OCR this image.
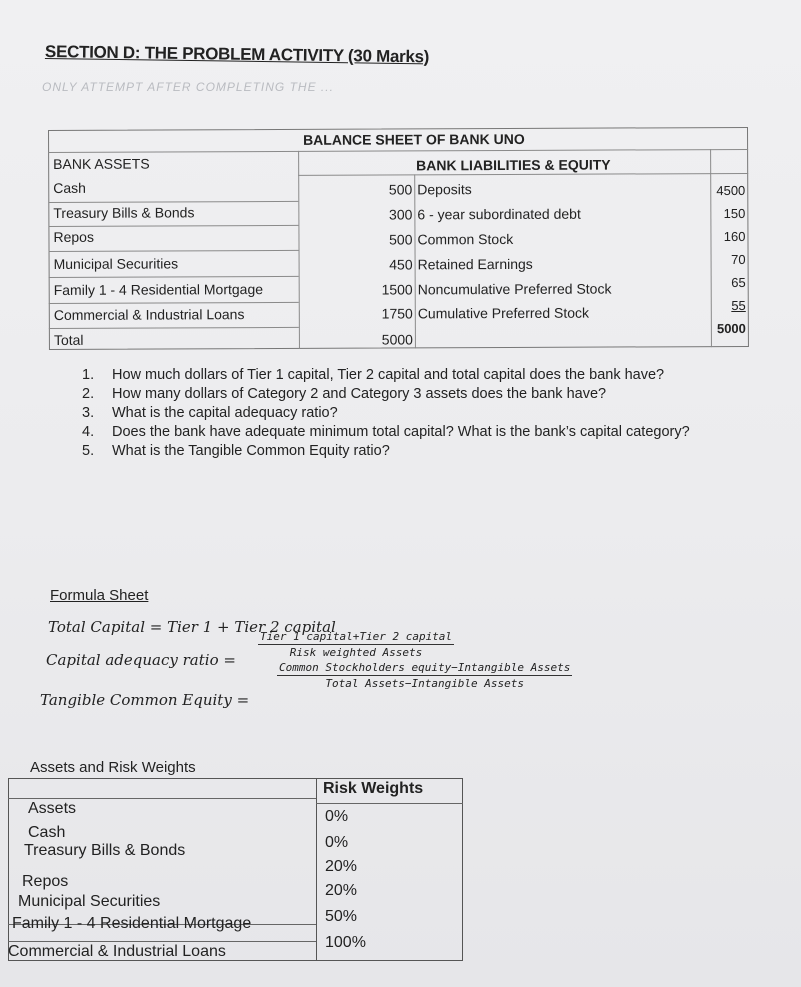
SECTION D: THE PROBLEM ACTIVITY (30 Marks)
ONLY ATTEMPT AFTER COMPLETING THE ...
BALANCE SHEET OF BANK UNO
BANK ASSETS	BANK LIABILITIES & EQUITY
Cash
Treasury Bills & Bonds
Repos
Municipal Securities
Family 1 - 4 Residential Mortgage
Commercial & Industrial Loans
Total
500
300
500
450
1500
1750
5000
Deposits
6 - year subordinated debt
Common Stock
Retained Earnings
Noncumulative Preferred Stock
Cumulative Preferred Stock
4500
150
160
70
65
55
5000
1. How much dollars of Tier 1 capital, Tier 2 capital and total capital does the bank have?
2. How many dollars of Category 2 and Category 3 assets does the bank have?
3. What is the capital adequacy ratio?
4. Does the bank have adequate minimum total capital? What is the bank’s capital category?
5. What is the Tangible Common Equity ratio?
Formula Sheet
Total Capital = Tier 1 + Tier 2 capital
Capital adequacy ratio =
Tier 1 capital+Tier 2 capital
Risk weighted Assets
Tangible Common Equity =
Common Stockholders equity−Intangible Assets
Total Assets−Intangible Assets
Assets and Risk Weights
Assets
Risk Weights
Cash
Treasury Bills & Bonds
Repos
Municipal Securities
Family 1 - 4 Residential Mortgage
Commercial & Industrial Loans
0%
0%
20%
20%
50%
100%
